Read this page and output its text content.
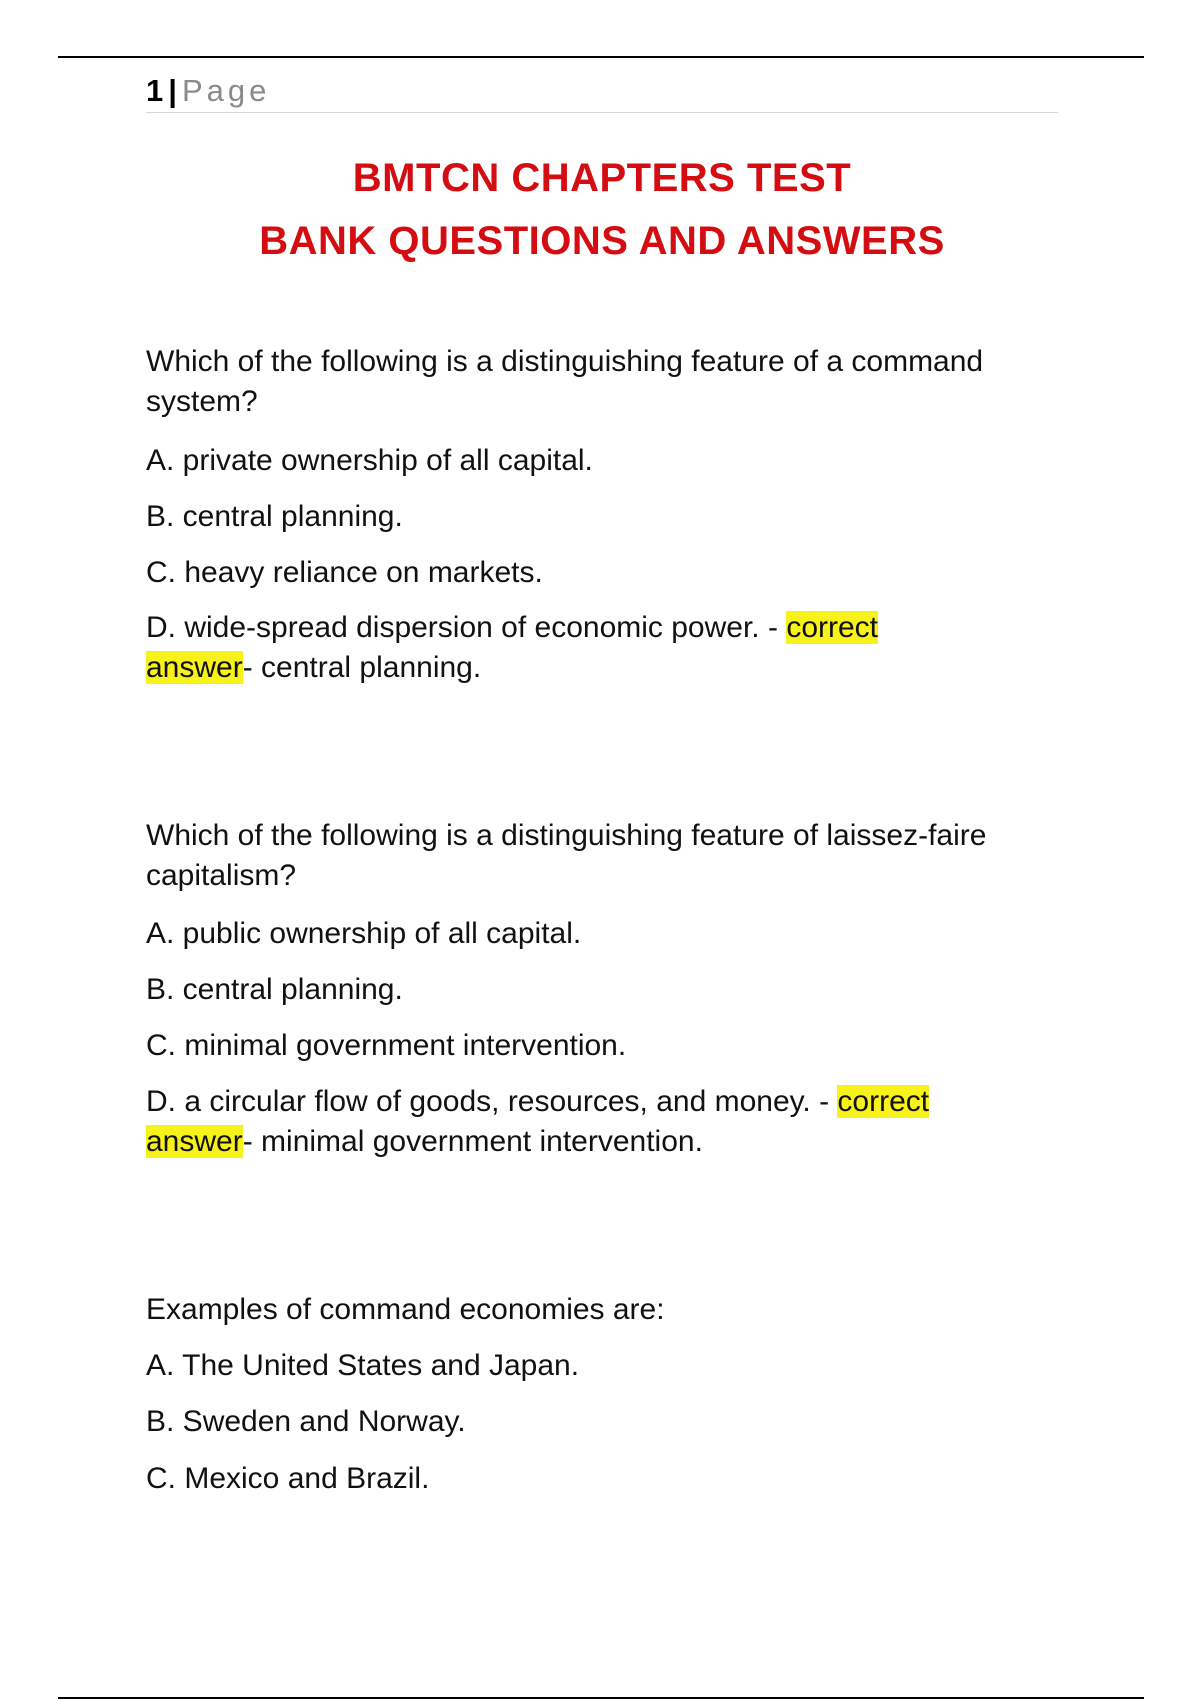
1 | Page
BMTCN CHAPTERS TEST
BANK QUESTIONS AND ANSWERS
Which of the following is a distinguishing feature of a command system?
A. private ownership of all capital.
B. central planning.
C. heavy reliance on markets.
D. wide-spread dispersion of economic power. - correct
answer- central planning.
Which of the following is a distinguishing feature of laissez-faire capitalism?
A. public ownership of all capital.
B. central planning.
C. minimal government intervention.
D. a circular flow of goods, resources, and money. - correct
answer- minimal government intervention.
Examples of command economies are:
A. The United States and Japan.
B. Sweden and Norway.
C. Mexico and Brazil.
